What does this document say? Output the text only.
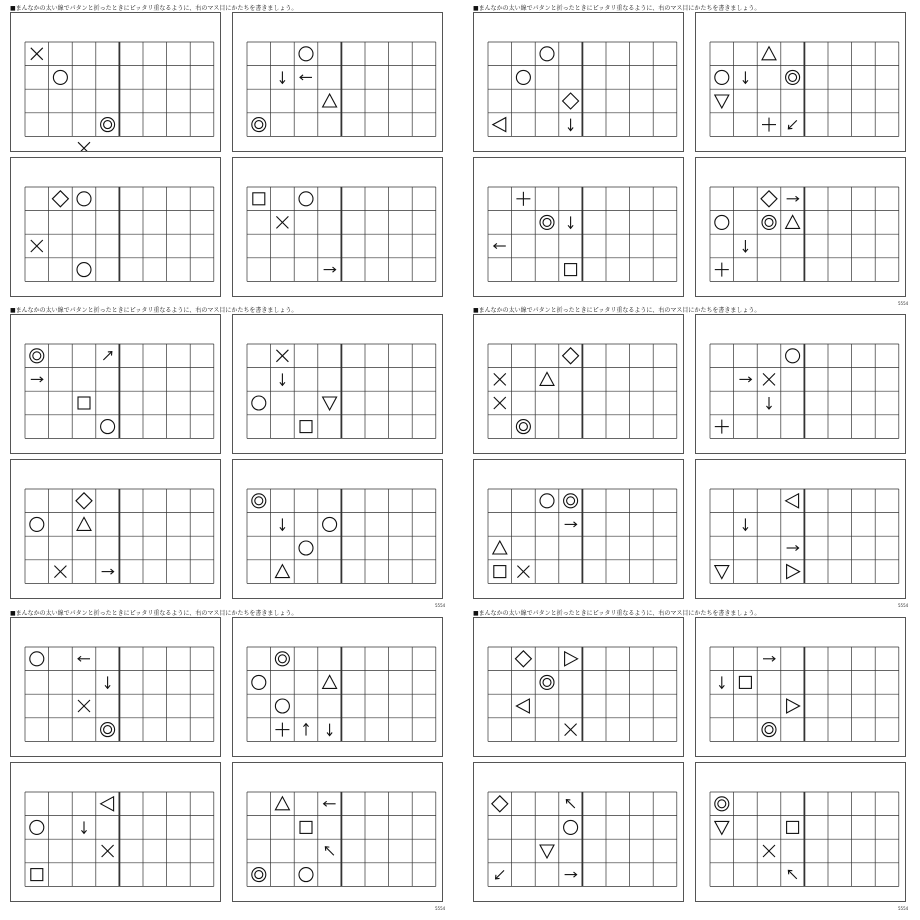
■まんなかの太い線でパタンと折ったときにピッタリ重なるように、右のマス目にかたちを書きましょう。	■まんなかの太い線でパタンと折ったときにピッタリ重なるように、右のマス目にかたちを書きましょう。
5554
■まんなかの太い線でパタンと折ったときにピッタリ重なるように、右のマス目にかたちを書きましょう。
5554
■まんなかの太い線でパタンと折ったときにピッタリ重なるように、右のマス目にかたちを書きましょう。
5554
■まんなかの太い線でパタンと折ったときにピッタリ重なるように、右のマス目にかたちを書きましょう。
5554
■まんなかの太い線でパタンと折ったときにピッタリ重なるように、右のマス目にかたちを書きましょう。
5554
